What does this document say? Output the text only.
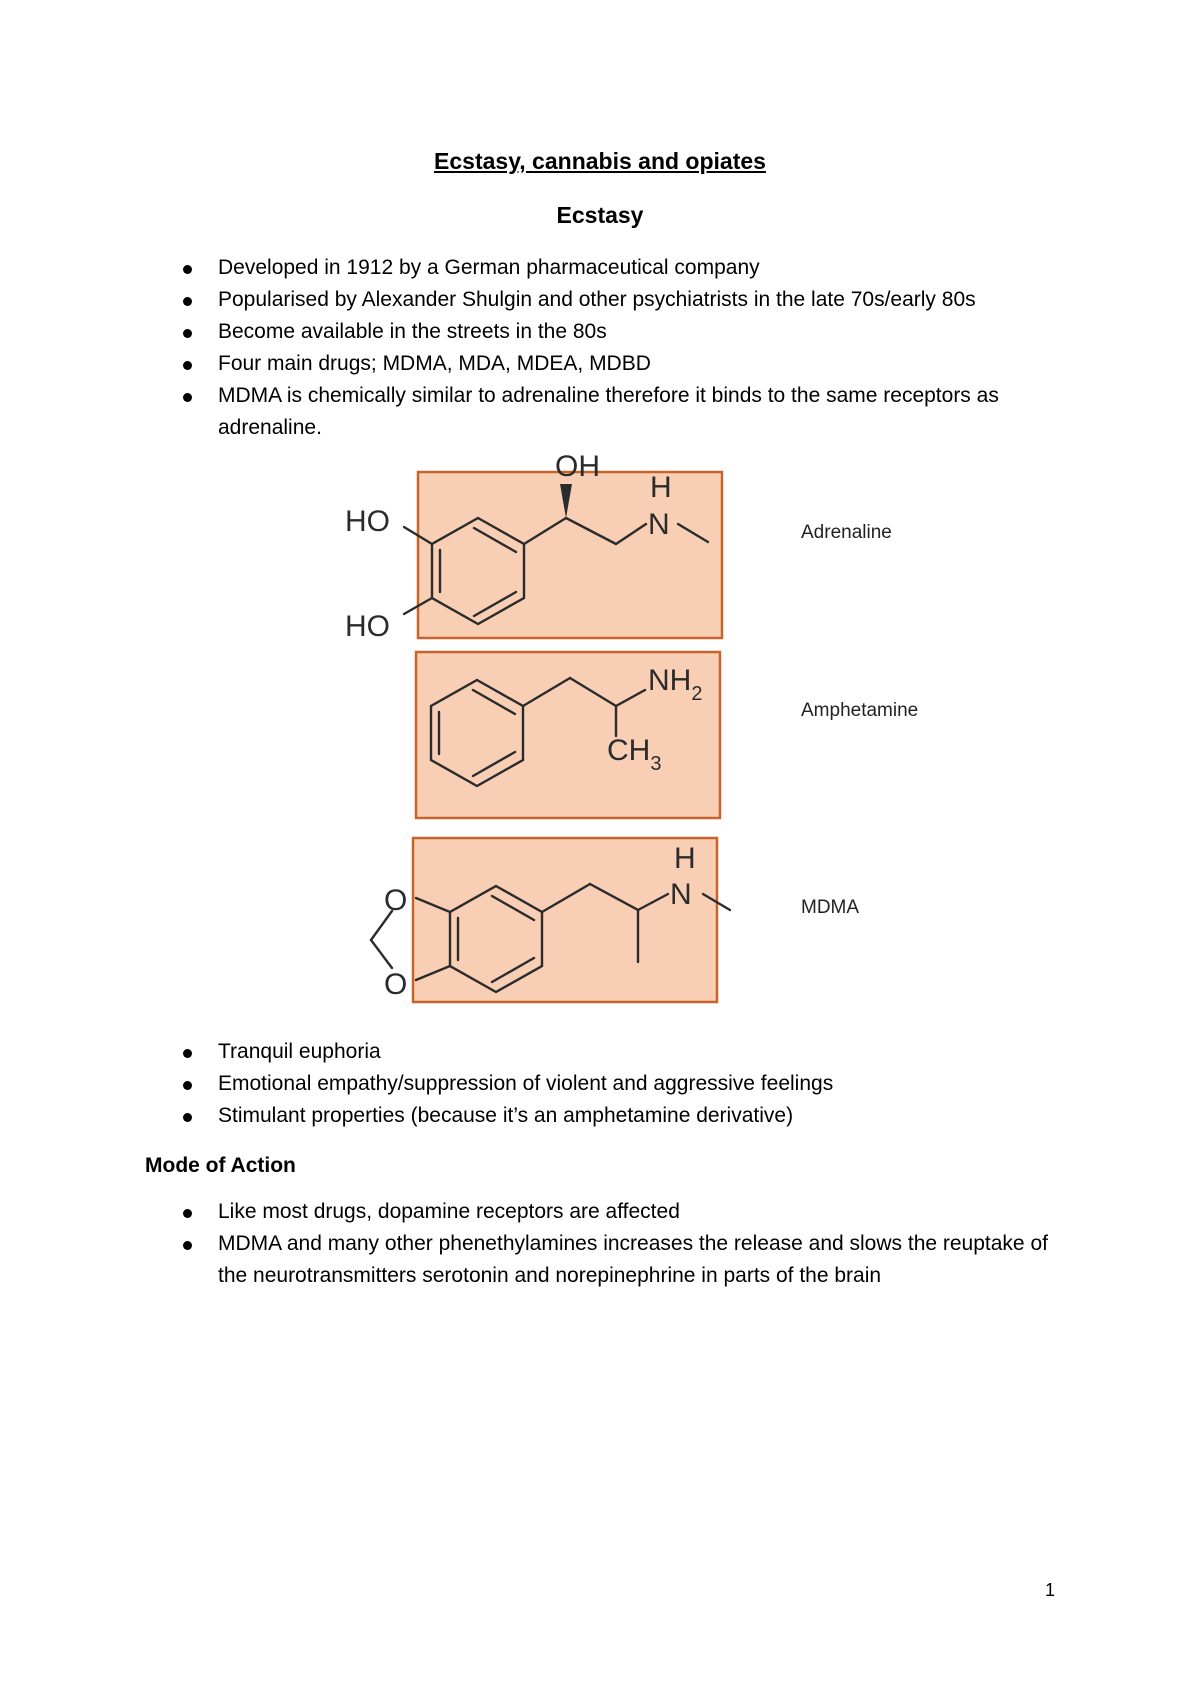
Ecstasy, cannabis and opiates
Ecstasy
Developed in 1912 by a German pharmaceutical company
Popularised by Alexander Shulgin and other psychiatrists in the late 70s/early 80s
Become available in the streets in the 80s
Four main drugs; MDMA, MDA, MDEA, MDBD
MDMA is chemically similar to adrenaline therefore it binds to the same receptors as adrenaline.
HO
HO
OH
H
N
$NH_2$
$CH_3$
O
O
H
N
Adrenaline
Amphetamine
MDMA
Tranquil euphoria
Emotional empathy/suppression of violent and aggressive feelings
Stimulant properties (because it’s an amphetamine derivative)
Mode of Action
Like most drugs, dopamine receptors are affected
MDMA and many other phenethylamines increases the release and slows the reuptake of the neurotransmitters serotonin and norepinephrine in parts of the brain
1
